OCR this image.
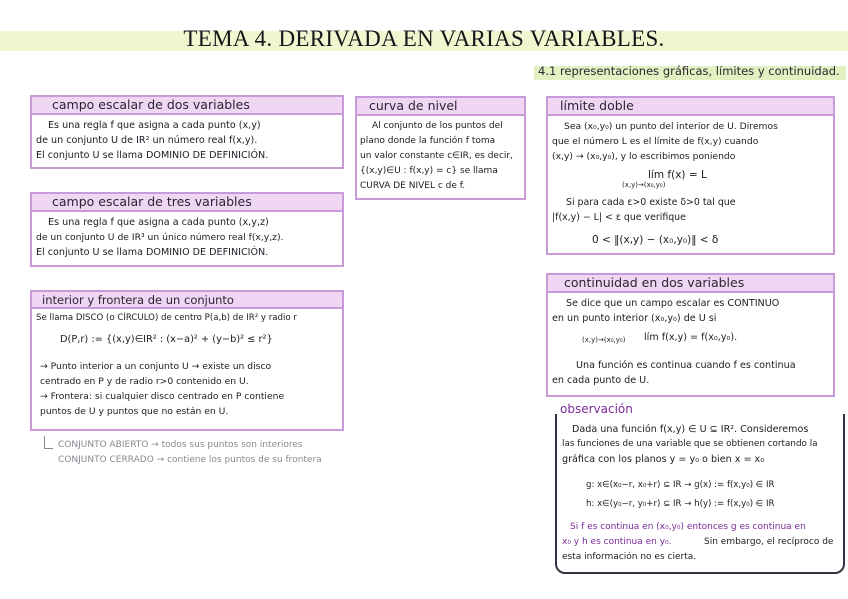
TEMA 4. DERIVADA EN VARIAS VARIABLES.
4.1 representaciones gráficas, límites y continuidad.
campo escalar de dos variables
Es una regla f que asigna a cada punto (x,y)
de un conjunto U de IR² un número real f(x,y).
El conjunto U se llama DOMINIO DE DEFINICIÓN.
curva de nivel
Al conjunto de los puntos del
plano donde la función f toma
un valor constante c∈IR, es decir,
{(x,y)∈U : f(x,y) = c} se llama
CURVA DE NIVEL c de f.
límite doble
Sea (x₀,y₀) un punto del interior de U. Diremos
que el número L es el límite de f(x,y) cuando
(x,y) → (x₀,y₀), y lo escribimos poniendo
lím f(x) = L
(x,y)→(x₀,y₀)
Si para cada ε>0 existe δ>0 tal que
|f(x,y) − L| < ε que verifique
0 < ‖(x,y) − (x₀,y₀)‖ < δ
campo escalar de tres variables
Es una regla f que asigna a cada punto (x,y,z)
de un conjunto U de IR³ un único número real f(x,y,z).
El conjunto U se llama DOMINIO DE DEFINICIÓN.
continuidad en dos variables
Se dice que un campo escalar es CONTINUO
en un punto interior (x₀,y₀) de U si
lím f(x,y) = f(x₀,y₀).
(x,y)→(x₀,y₀)
Una función es continua cuando f es continua
en cada punto de U.
interior y frontera de un conjunto
Se llama DISCO (o CÍRCULO) de centro P(a,b) de IR² y radio r
D(P,r) := {(x,y)∈IR² : (x−a)² + (y−b)² ≤ r²}
→ Punto interior a un conjunto U → existe un disco
centrado en P y de radio r>0 contenido en U.
→ Frontera: si cualquier disco centrado en P contiene
puntos de U y puntos que no están en U.
CONJUNTO ABIERTO → todos sus puntos son interiores
CONJUNTO CERRADO → contiene los puntos de su frontera
observación
Dada una función f(x,y) ∈ U ⊆ IR². Consideremos
las funciones de una variable que se obtienen cortando la
gráfica con los planos y = y₀ o bien x = x₀
g: x∈(x₀−r, x₀+r) ⊆ IR → g(x) := f(x,y₀) ∈ IR
h: x∈(y₀−r, y₀+r) ⊆ IR → h(y) := f(x,y₀) ∈ IR
Si f es continua en (x₀,y₀) entonces g es continua en
x₀ y h es continua en y₀.	Sin embargo, el recíproco de
esta información no es cierta.
